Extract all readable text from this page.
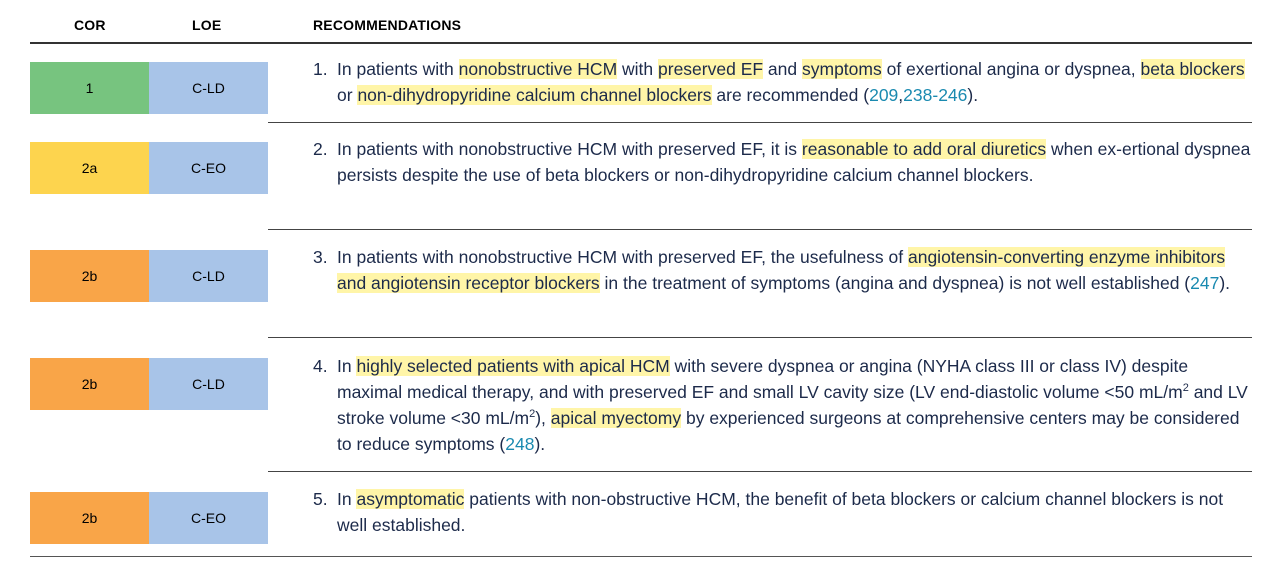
COR	LOE	RECOMMENDATIONS
1	C-LD
1. In patients with nonobstructive HCM with preserved EF and symptoms of exertional angina or dyspnea, beta blockers or non-dihydropyridine calcium channel blockers are recommended (209,238-246).
2a	C-EO
2. In patients with nonobstructive HCM with preserved EF, it is reasonable to add oral diuretics when ex-ertional dyspnea persists despite the use of beta blockers or non-dihydropyridine calcium channel blockers.
2b	C-LD
3. In patients with nonobstructive HCM with preserved EF, the usefulness of angiotensin-converting enzyme inhibitors and angiotensin receptor blockers in the treatment of symptoms (angina and dyspnea) is not well established (247).
2b	C-LD
4. In highly selected patients with apical HCM with severe dyspnea or angina (NYHA class III or class IV) despite maximal medical therapy, and with preserved EF and small LV cavity size (LV end-diastolic volume <50 $mL/m^2$ and LV stroke volume <30 $mL/m^2$), apical myectomy by experienced surgeons at comprehensive centers may be considered to reduce symptoms (248).
2b	C-EO
5. In asymptomatic patients with non-obstructive HCM, the benefit of beta blockers or calcium channel blockers is not well established.
